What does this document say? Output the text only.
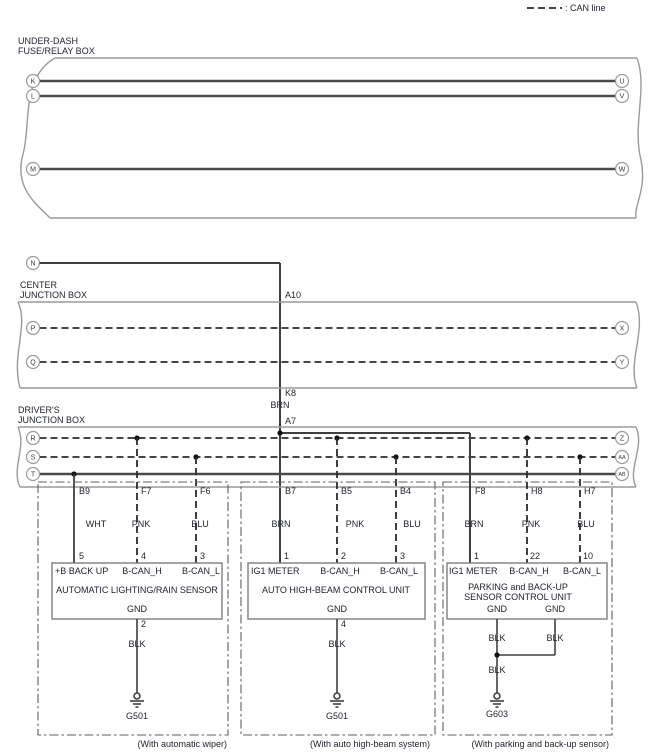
: CAN line
UNDER-DASH
FUSE/RELAY BOX
K
L
M
U
V
W
N
CENTER
JUNCTION BOX	A10
P
Q
X
Y
K8
BRN
A7
DRIVER'S
JUNCTION BOX
R
S
T
Z
AA
AB
B9	F7	F6
WHT	PNK	BLU
5	4	3
+B BACK UP B-CAN_H B-CAN_L
AUTOMATIC LIGHTING/RAIN SENSOR
GND
2
BLK
G501
(With automatic wiper)
B7	B5	B4
BRN	PNK	BLU
1	2	3
IG1 METER B-CAN_H B-CAN_L
AUTO HIGH-BEAM CONTROL UNIT
GND
4
BLK
G501
(With auto high-beam system)
F8	H8	H7
BRN	PNK	BLU
1	22	10
IG1 METER B-CAN_H B-CAN_L
PARKING and BACK-UP
SENSOR CONTROL UNIT
GND	GND
BLK	BLK
BLK
G603
(With parking and back-up sensor)
